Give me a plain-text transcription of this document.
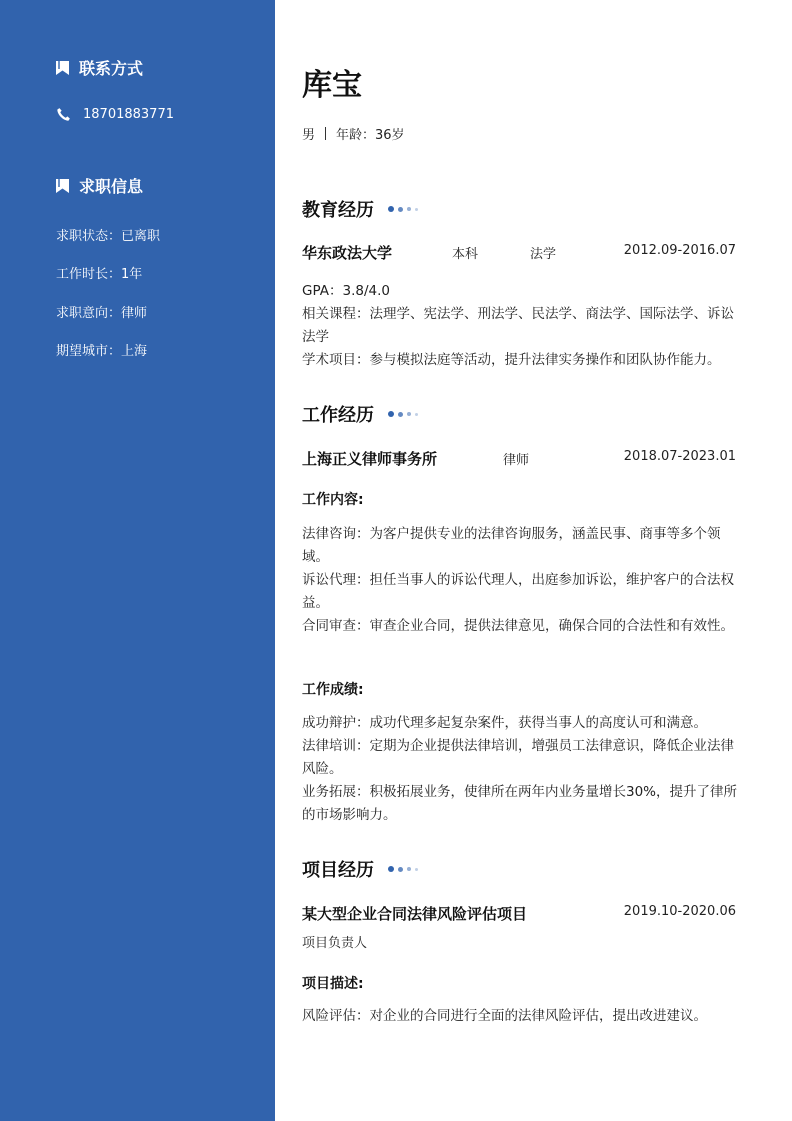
联系方式
18701883771
求职信息
求职状态：已离职
工作时长：1年
求职意向：律师
期望城市：上海
库宝
男 年龄：36岁
教育经历
华东政法大学	本科	法学	2012.09-2016.07
GPA：3.8/4.0
相关课程：法理学、宪法学、刑法学、民法学、商法学、国际法学、诉讼法学
学术项目：参与模拟法庭等活动，提升法律实务操作和团队协作能力。
工作经历
上海正义律师事务所	律师	2018.07-2023.01
工作内容:
法律咨询：为客户提供专业的法律咨询服务，涵盖民事、商事等多个领域。
诉讼代理：担任当事人的诉讼代理人，出庭参加诉讼，维护客户的合法权益。
合同审查：审查企业合同，提供法律意见，确保合同的合法性和有效性。
工作成绩:
成功辩护：成功代理多起复杂案件，获得当事人的高度认可和满意。
法律培训：定期为企业提供法律培训，增强员工法律意识，降低企业法律风险。
业务拓展：积极拓展业务，使律所在两年内业务量增长30%，提升了律所的市场影响力。
项目经历
某大型企业合同法律风险评估项目	2019.10-2020.06
项目负责人
项目描述:
风险评估：对企业的合同进行全面的法律风险评估，提出改进建议。
